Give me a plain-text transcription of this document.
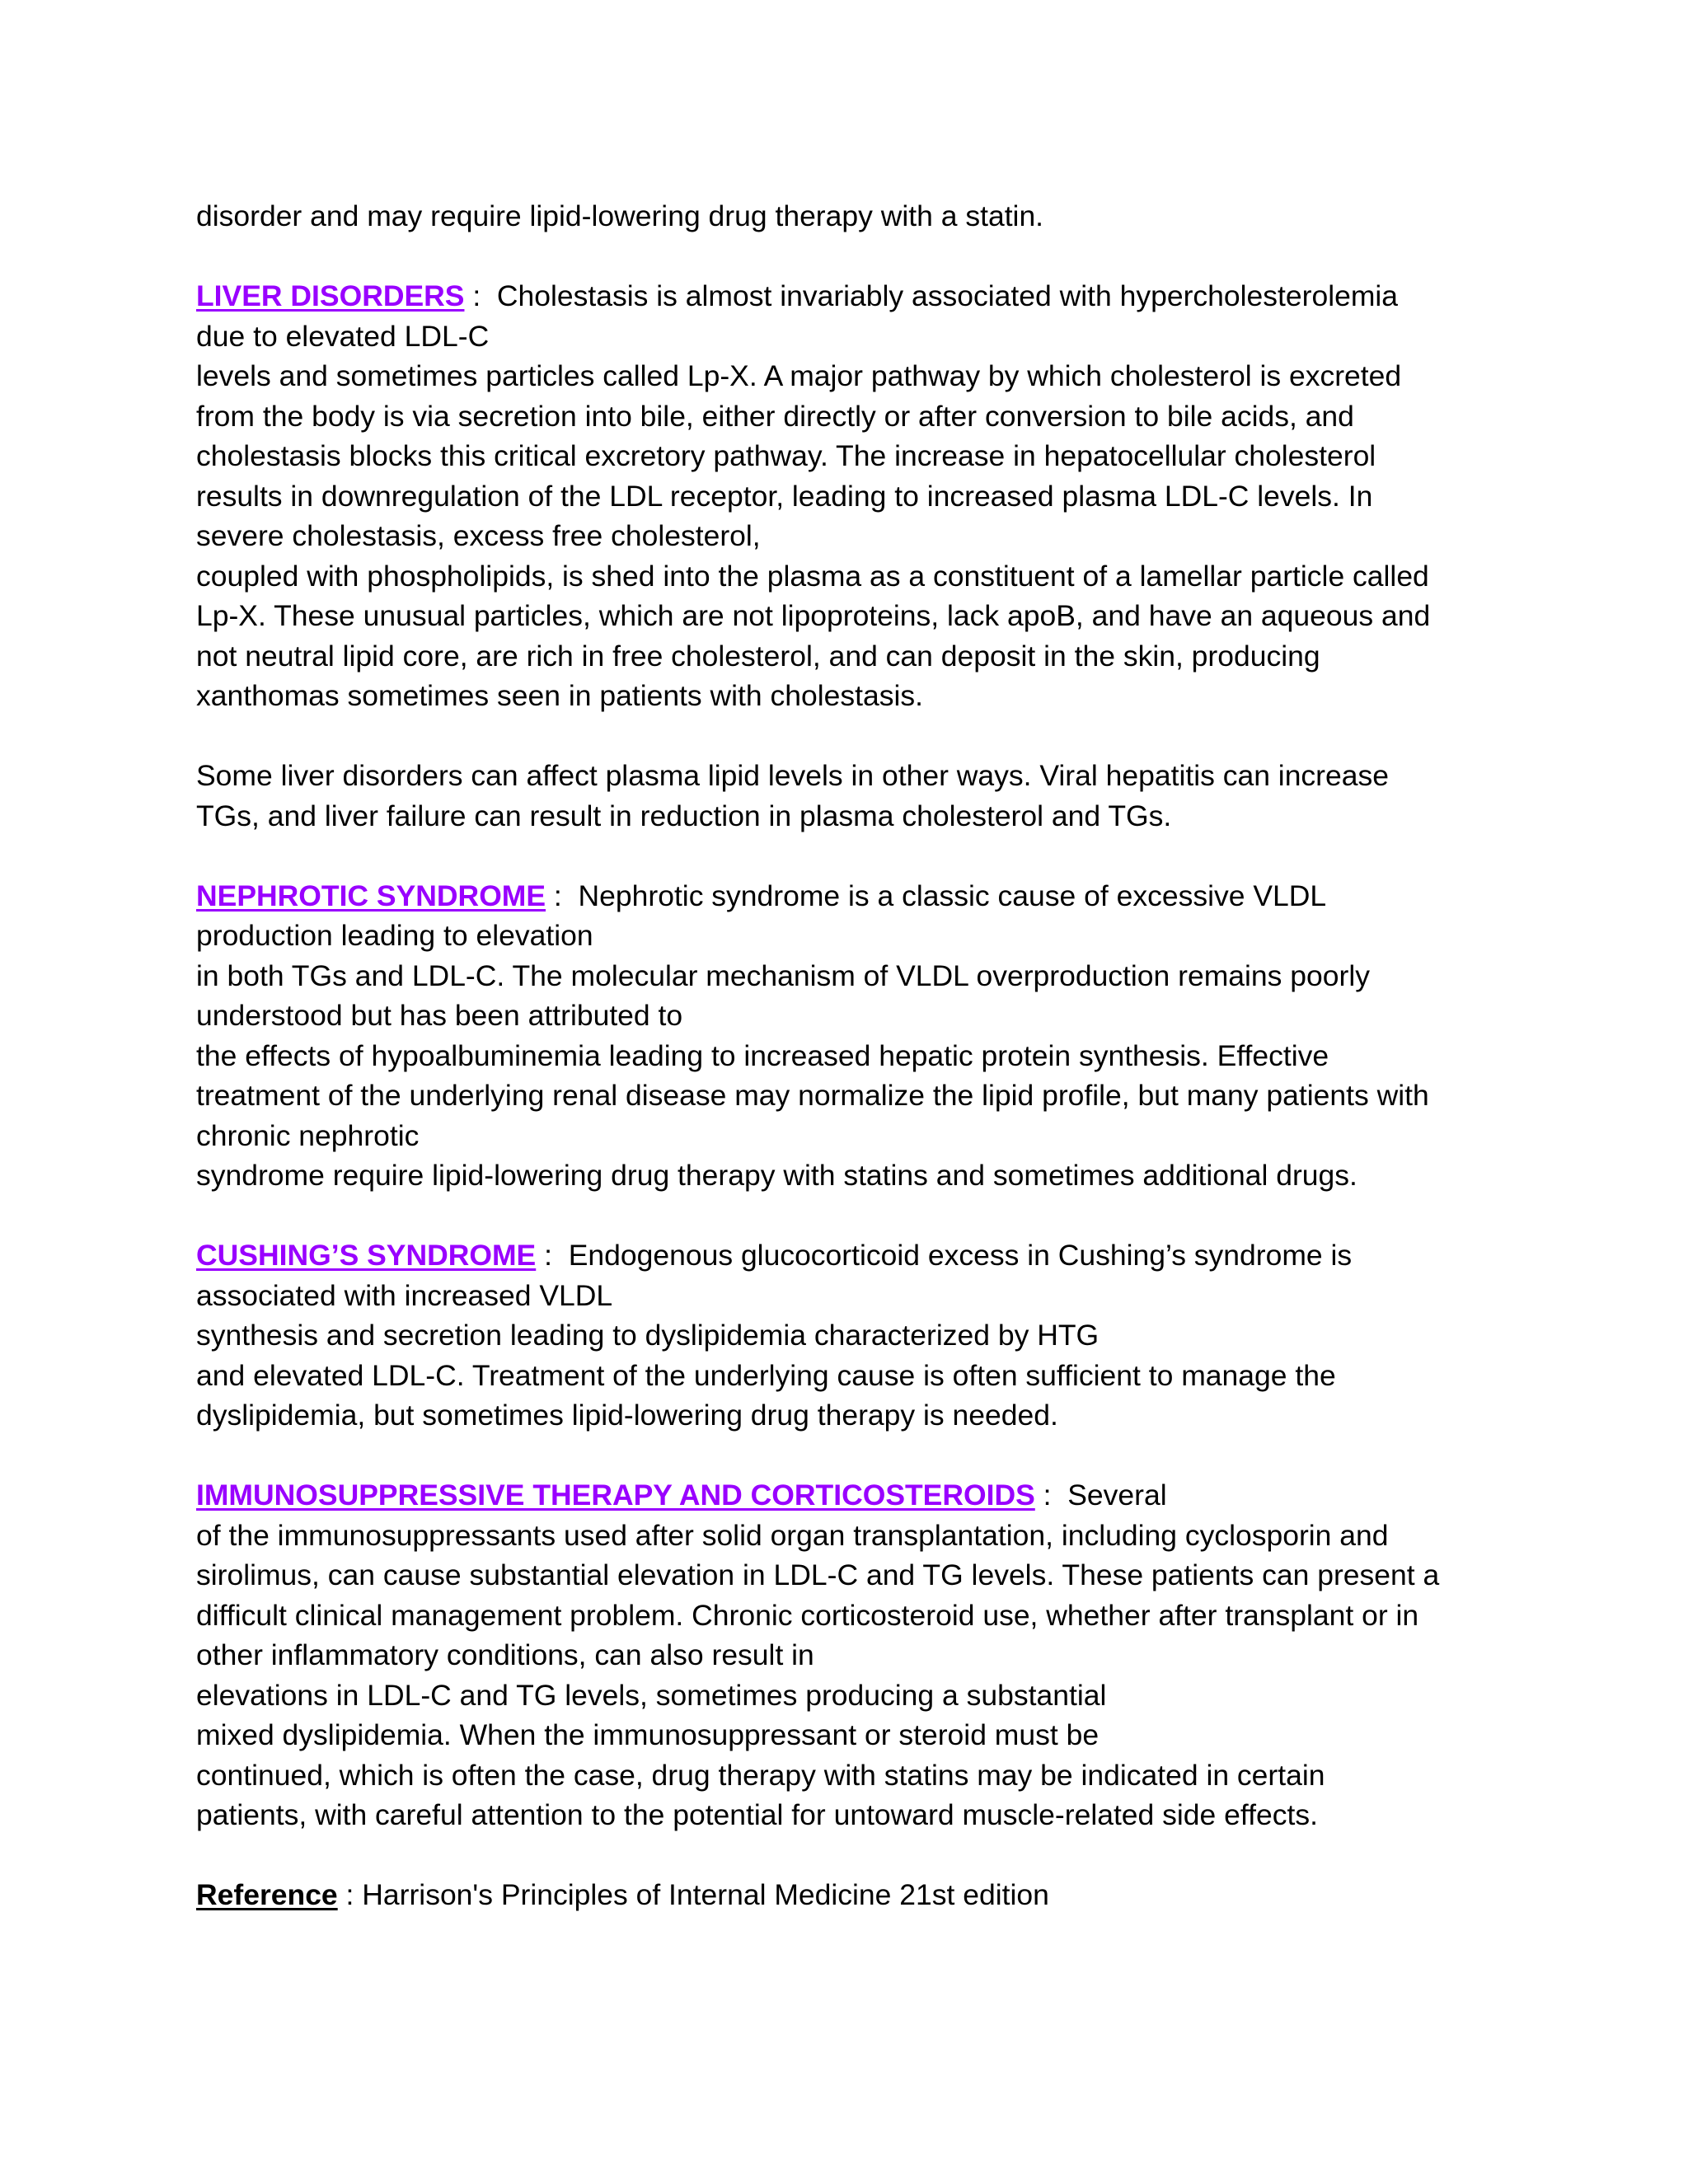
disorder and may require lipid-lowering drug therapy with a statin.
LIVER DISORDERS :  Cholestasis is almost invariably associated with hypercholesterolemia
due to elevated LDL-C
levels and sometimes particles called Lp-X. A major pathway by which cholesterol is excreted
from the body is via secretion into bile, either directly or after conversion to bile acids, and
cholestasis blocks this critical excretory pathway. The increase in hepatocellular cholesterol
results in downregulation of the LDL receptor, leading to increased plasma LDL-C levels. In
severe cholestasis, excess free cholesterol,
coupled with phospholipids, is shed into the plasma as a constituent of a lamellar particle called
Lp-X. These unusual particles, which are not lipoproteins, lack apoB, and have an aqueous and
not neutral lipid core, are rich in free cholesterol, and can deposit in the skin, producing
xanthomas sometimes seen in patients with cholestasis.
Some liver disorders can affect plasma lipid levels in other ways. Viral hepatitis can increase
TGs, and liver failure can result in reduction in plasma cholesterol and TGs.
NEPHROTIC SYNDROME :  Nephrotic syndrome is a classic cause of excessive VLDL
production leading to elevation
in both TGs and LDL-C. The molecular mechanism of VLDL overproduction remains poorly
understood but has been attributed to
the effects of hypoalbuminemia leading to increased hepatic protein synthesis. Effective
treatment of the underlying renal disease may normalize the lipid profile, but many patients with
chronic nephrotic
syndrome require lipid-lowering drug therapy with statins and sometimes additional drugs.
CUSHING’S SYNDROME :  Endogenous glucocorticoid excess in Cushing’s syndrome is
associated with increased VLDL
synthesis and secretion leading to dyslipidemia characterized by HTG
and elevated LDL-C. Treatment of the underlying cause is often sufficient to manage the
dyslipidemia, but sometimes lipid-lowering drug therapy is needed.
IMMUNOSUPPRESSIVE THERAPY AND CORTICOSTEROIDS :  Several
of the immunosuppressants used after solid organ transplantation, including cyclosporin and
sirolimus, can cause substantial elevation in LDL-C and TG levels. These patients can present a
difficult clinical management problem. Chronic corticosteroid use, whether after transplant or in
other inflammatory conditions, can also result in
elevations in LDL-C and TG levels, sometimes producing a substantial
mixed dyslipidemia. When the immunosuppressant or steroid must be
continued, which is often the case, drug therapy with statins may be indicated in certain
patients, with careful attention to the potential for untoward muscle-related side effects.
Reference : Harrison's Principles of Internal Medicine 21st edition
